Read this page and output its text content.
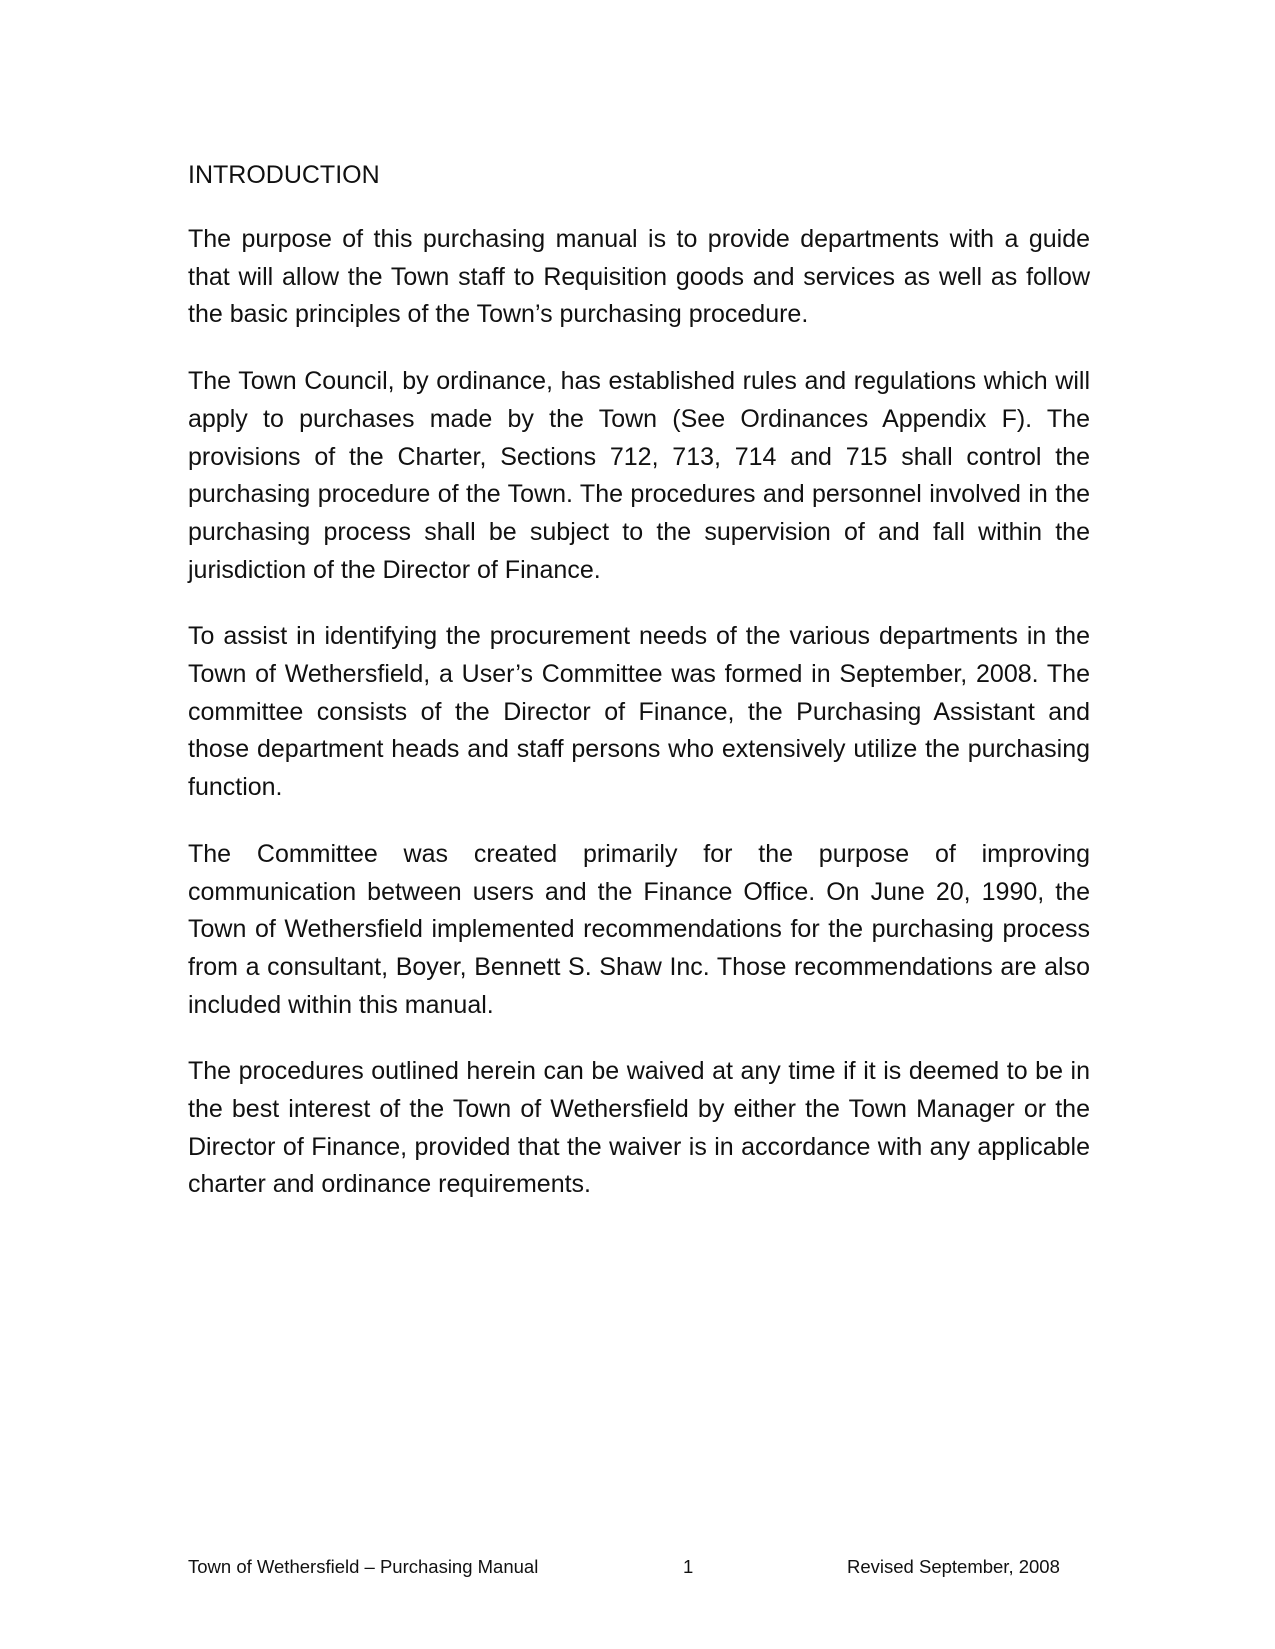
INTRODUCTION

The purpose of this purchasing manual is to provide departments with a guide that will allow the Town staff to Requisition goods and services as well as follow the basic principles of the Town’s purchasing procedure.

The Town Council, by ordinance, has established rules and regulations which will apply to purchases made by the Town (See Ordinances Appendix F). The provisions of the Charter, Sections 712, 713, 714 and 715 shall control the purchasing procedure of the Town. The procedures and personnel involved in the purchasing process shall be subject to the supervision of and fall within the jurisdiction of the Director of Finance.

To assist in identifying the procurement needs of the various departments in the Town of Wethersfield, a User’s Committee was formed in September, 2008. The committee consists of the Director of Finance, the Purchasing Assistant and those department heads and staff persons who extensively utilize the purchasing function.

The Committee was created primarily for the purpose of improving communication between users and the Finance Office. On June 20, 1990, the Town of Wethersfield implemented recommendations for the purchasing process from a consultant, Boyer, Bennett S. Shaw Inc. Those recommendations are also included within this manual.

The procedures outlined herein can be waived at any time if it is deemed to be in the best interest of the Town of Wethersfield by either the Town Manager or the Director of Finance, provided that the waiver is in accordance with any applicable charter and ordinance requirements.

Town of Wethersfield – Purchasing Manual	1	Revised September, 2008
